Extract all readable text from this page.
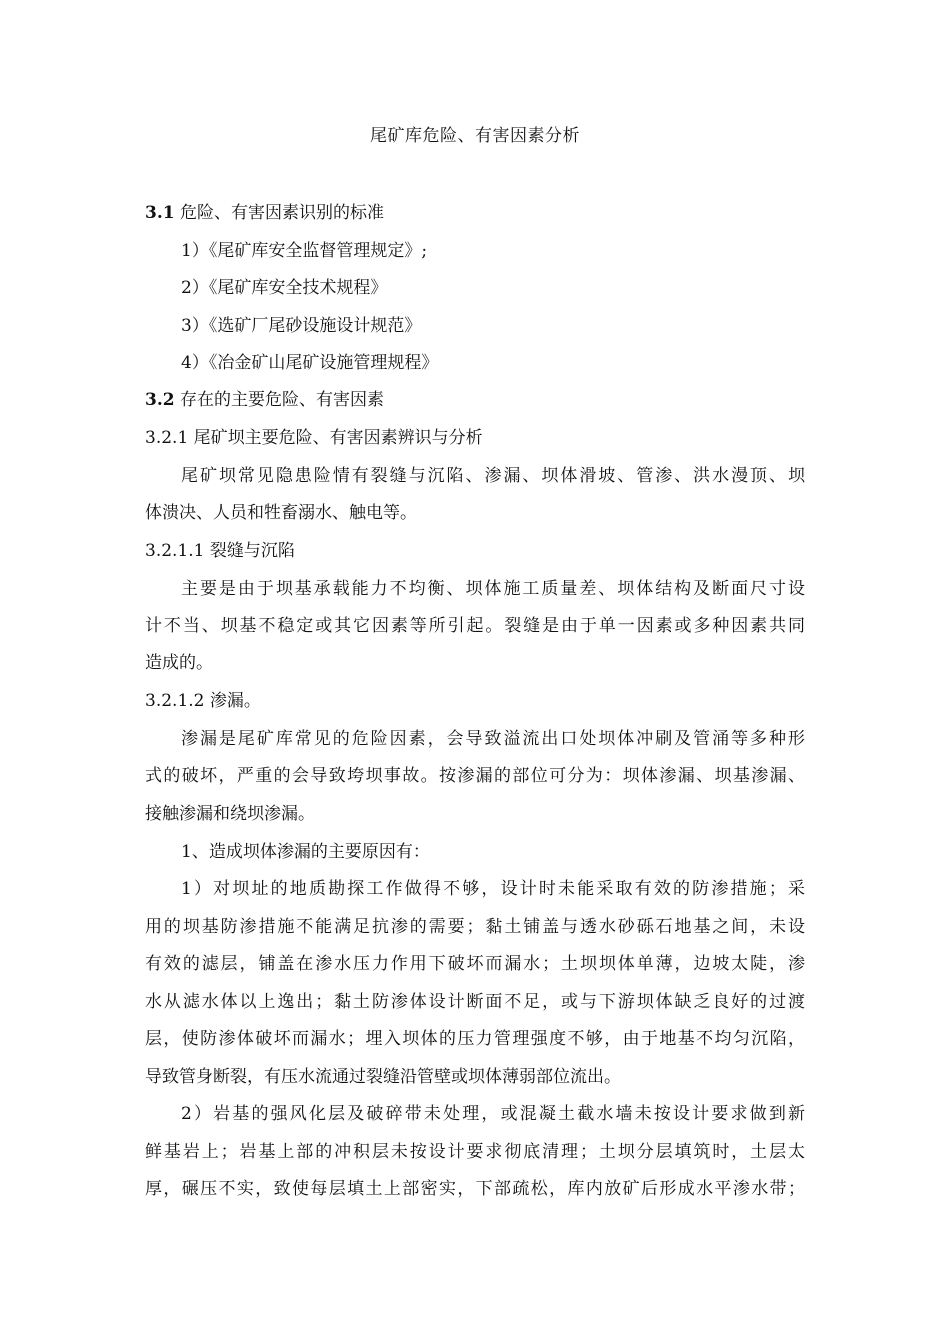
尾矿库危险、有害因素分析
3.1 危险、有害因素识别的标准
1）《尾矿库安全监督管理规定》;
2）《尾矿库安全技术规程》
3）《选矿厂尾砂设施设计规范》
4）《冶金矿山尾矿设施管理规程》
3.2 存在的主要危险、有害因素
3.2.1 尾矿坝主要危险、有害因素辨识与分析
尾矿坝常见隐患险情有裂缝与沉陷、渗漏、坝体滑坡、管渗、洪水漫顶、坝
体溃决、人员和牲畜溺水、触电等。
3.2.1.1 裂缝与沉陷
主要是由于坝基承载能力不均衡、坝体施工质量差、坝体结构及断面尺寸设
计不当、坝基不稳定或其它因素等所引起。裂缝是由于单一因素或多种因素共同
造成的。
3.2.1.2 渗漏。
渗漏是尾矿库常见的危险因素，会导致溢流出口处坝体冲刷及管涌等多种形
式的破坏，严重的会导致垮坝事故。按渗漏的部位可分为：坝体渗漏、坝基渗漏、
接触渗漏和绕坝渗漏。
1、造成坝体渗漏的主要原因有：
1）对坝址的地质勘探工作做得不够，设计时未能采取有效的防渗措施；采
用的坝基防渗措施不能满足抗渗的需要；黏土铺盖与透水砂砾石地基之间，未设
有效的滤层，铺盖在渗水压力作用下破坏而漏水；土坝坝体单薄，边坡太陡，渗
水从滤水体以上逸出；黏土防渗体设计断面不足，或与下游坝体缺乏良好的过渡
层，使防渗体破坏而漏水；埋入坝体的压力管理强度不够，由于地基不均匀沉陷，
导致管身断裂，有压水流通过裂缝沿管壁或坝体薄弱部位流出。
2）岩基的强风化层及破碎带未处理，或混凝土截水墙未按设计要求做到新
鲜基岩上；岩基上部的冲积层未按设计要求彻底清理；土坝分层填筑时，土层太
厚，碾压不实，致使每层填土上部密实，下部疏松，库内放矿后形成水平渗水带；
